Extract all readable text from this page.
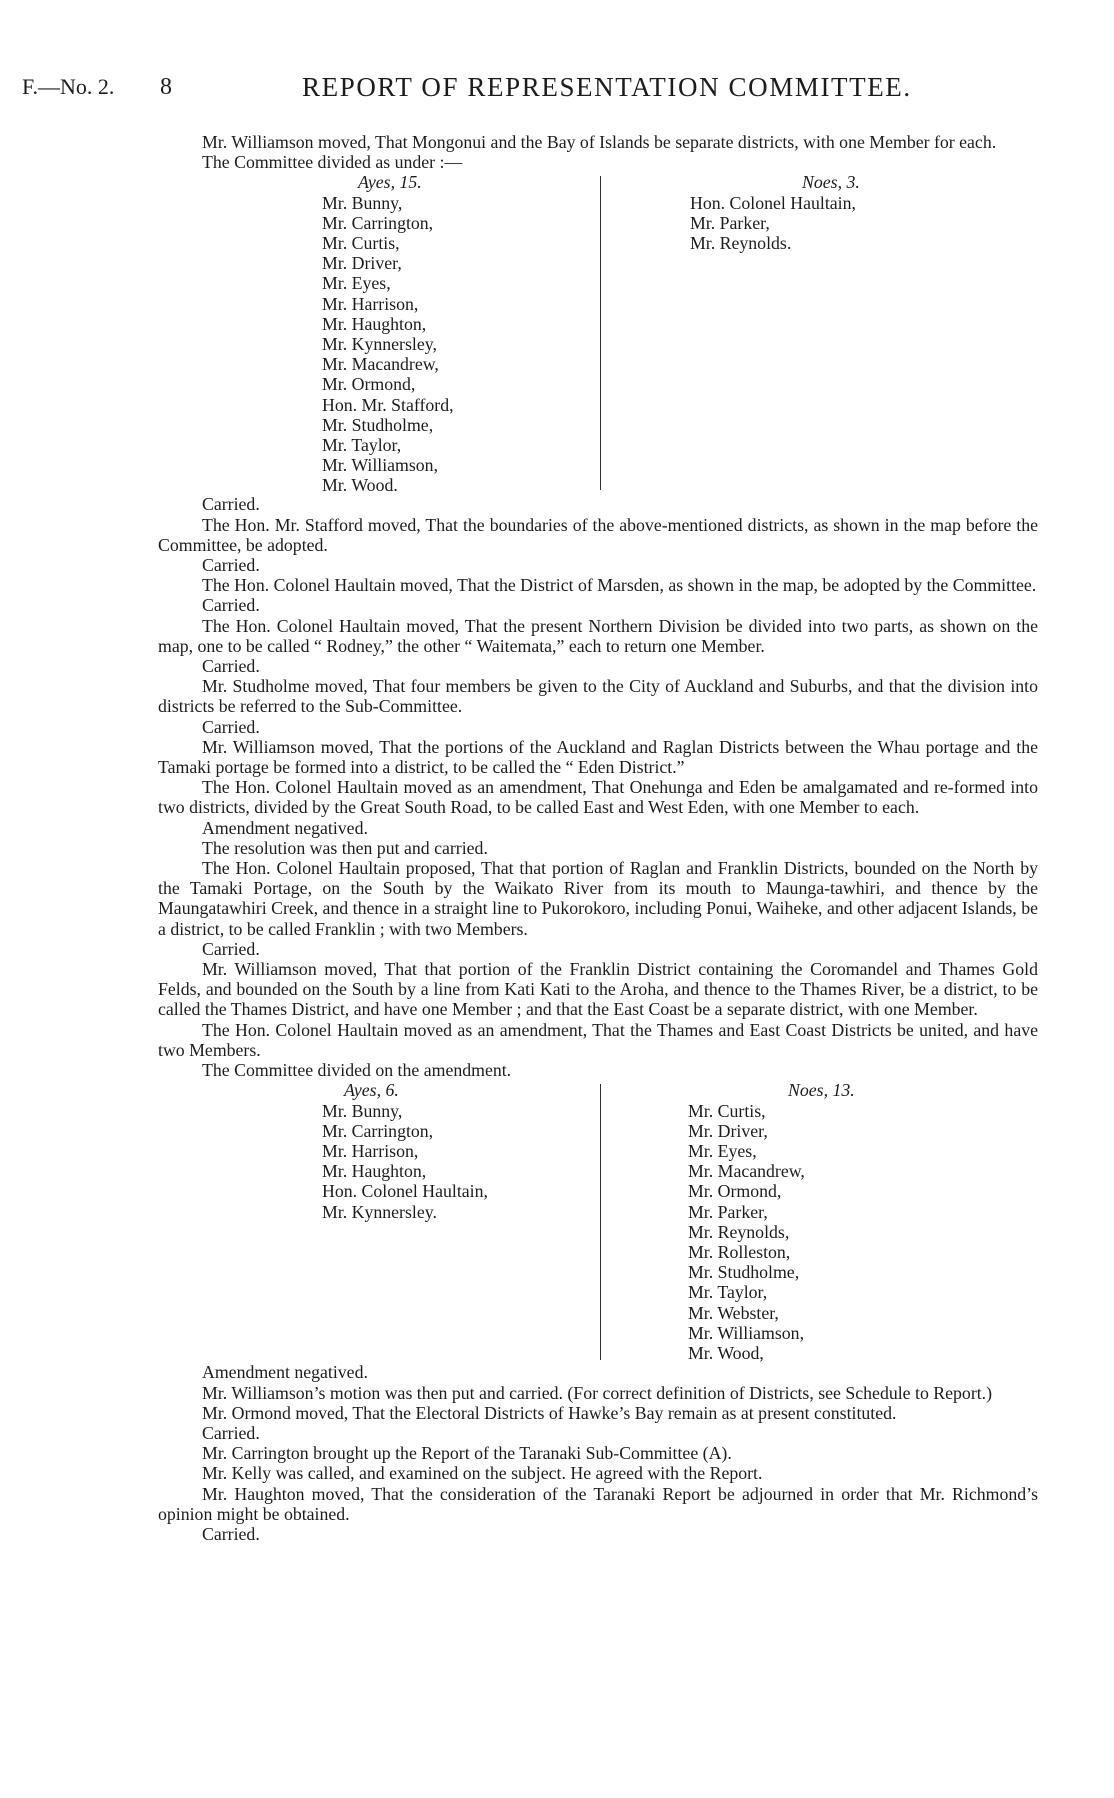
F.—No. 2. 8	REPORT OF REPRESENTATION COMMITTEE.

Mr. Williamson moved, That Mongonui and the Bay of Islands be separate districts, with one Member for each.

The Committee divided as under :—

Ayes, 15.
Mr. Bunny,
Mr. Carrington,
Mr. Curtis,
Mr. Driver,
Mr. Eyes,
Mr. Harrison,
Mr. Haughton,
Mr. Kynnersley,
Mr. Macandrew,
Mr. Ormond,
Hon. Mr. Stafford,
Mr. Studholme,
Mr. Taylor,
Mr. Williamson,
Mr. Wood.
Noes, 3.
Hon. Colonel Haultain,
Mr. Parker,
Mr. Reynolds.

Carried.

The Hon. Mr. Stafford moved, That the boundaries of the above-mentioned districts, as shown in the map before the Committee, be adopted.

Carried.

The Hon. Colonel Haultain moved, That the District of Marsden, as shown in the map, be adopted by the Committee.

Carried.

The Hon. Colonel Haultain moved, That the present Northern Division be divided into two parts, as shown on the map, one to be called “ Rodney,” the other “ Waitemata,” each to return one Member.

Carried.

Mr. Studholme moved, That four members be given to the City of Auckland and Suburbs, and that the division into districts be referred to the Sub-Committee.

Carried.

Mr. Williamson moved, That the portions of the Auckland and Raglan Districts between the Whau portage and the Tamaki portage be formed into a district, to be called the “ Eden District.”

The Hon. Colonel Haultain moved as an amendment, That Onehunga and Eden be amalgamated and re-formed into two districts, divided by the Great South Road, to be called East and West Eden, with one Member to each.

Amendment negatived.

The resolution was then put and carried.

The Hon. Colonel Haultain proposed, That that portion of Raglan and Franklin Districts, bounded on the North by the Tamaki Portage, on the South by the Waikato River from its mouth to Maunga-tawhiri, and thence by the Maungatawhiri Creek, and thence in a straight line to Pukorokoro, including Ponui, Waiheke, and other adjacent Islands, be a district, to be called Franklin ; with two Members.

Carried.

Mr. Williamson moved, That that portion of the Franklin District containing the Coromandel and Thames Gold Felds, and bounded on the South by a line from Kati Kati to the Aroha, and thence to the Thames River, be a district, to be called the Thames District, and have one Member ; and that the East Coast be a separate district, with one Member.

The Hon. Colonel Haultain moved as an amendment, That the Thames and East Coast Districts be united, and have two Members.

The Committee divided on the amendment.

Ayes, 6.
Mr. Bunny,
Mr. Carrington,
Mr. Harrison,
Mr. Haughton,
Hon. Colonel Haultain,
Mr. Kynnersley.
Noes, 13.
Mr. Curtis,
Mr. Driver,
Mr. Eyes,
Mr. Macandrew,
Mr. Ormond,
Mr. Parker,
Mr. Reynolds,
Mr. Rolleston,
Mr. Studholme,
Mr. Taylor,
Mr. Webster,
Mr. Williamson,
Mr. Wood,

Amendment negatived.

Mr. Williamson’s motion was then put and carried. (For correct definition of Districts, see Schedule to Report.)

Mr. Ormond moved, That the Electoral Districts of Hawke’s Bay remain as at present constituted.

Carried.

Mr. Carrington brought up the Report of the Taranaki Sub-Committee (A).

Mr. Kelly was called, and examined on the subject. He agreed with the Report.

Mr. Haughton moved, That the consideration of the Taranaki Report be adjourned in order that Mr. Richmond’s opinion might be obtained.

Carried.
